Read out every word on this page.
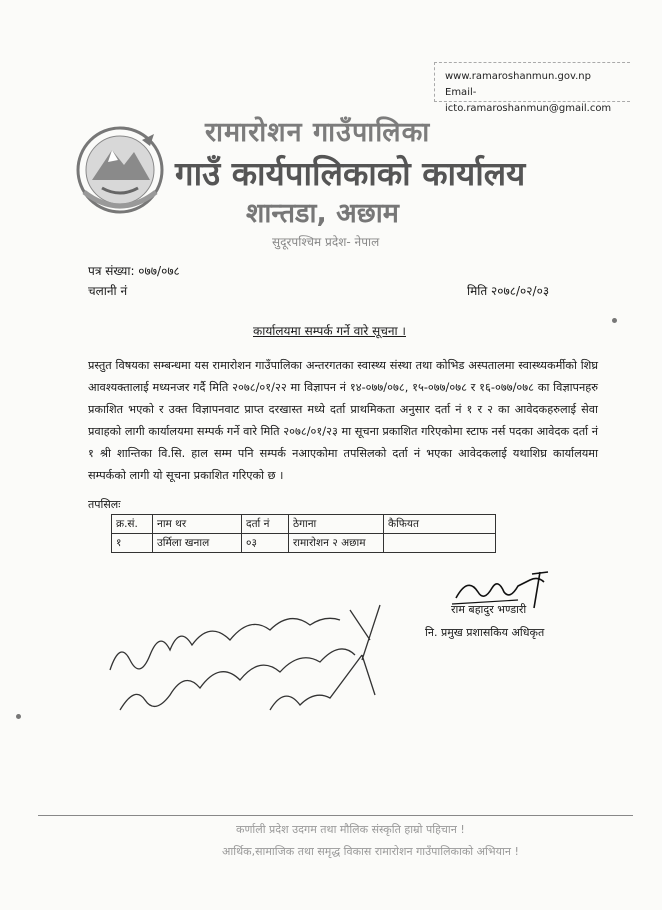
www.ramaroshanmun.gov.np
Email-icto.ramaroshanmun@gmail.com
रामारोशन गाउँपालिका
गाउँ कार्यपालिकाको कार्यालय
शान्तडा, अछाम
सुदूरपश्चिम प्रदेश- नेपाल
पत्र संख्या: ०७७/०७८
चलानी नं	मिति २०७८/०२/०३
कार्यालयमा सम्पर्क गर्ने वारे सूचना ।
प्रस्तुत विषयका सम्बन्धमा यस रामारोशन गाउँपालिका अन्तरगतका स्वास्थ्य संस्था तथा कोभिड अस्पतालमा स्वास्थ्यकर्मीको शिघ्र आवश्यक्तालाई मध्यनजर गर्दै मिति २०७८/०१/२२ मा विज्ञापन नं १४-०७७/०७८, १५-०७७/०७८ र १६-०७७/०७८ का विज्ञापनहरु प्रकाशित भएको र उक्त विज्ञापनवाट प्राप्त दरखास्त मध्ये दर्ता प्राथमिकता अनुसार दर्ता नं १ र २ का आवेदकहरुलाई सेवा प्रवाहको लागी कार्यालयमा सम्पर्क गर्ने वारे मिति २०७८/०१/२३ मा सूचना प्रकाशित गरिएकोमा स्टाफ नर्स पदका आवेदक दर्ता नं १ श्री शान्तिका वि.सि. हाल सम्म पनि सम्पर्क नआएकोमा तपसिलको दर्ता नं भएका आवेदकलाई यथाशिघ्र कार्यालयमा सम्पर्कको लागी यो सूचना प्रकाशित गरिएको छ ।
तपसिलः
क्र.सं.	नाम थर	दर्ता नं	ठेगाना	कैफियत
१	उर्मिला खनाल	०३	रामारोशन २ अछाम	
राम बहादुर भण्डारी
नि. प्रमुख प्रशासकिय अधिकृत
कर्णाली प्रदेश उदगम तथा मौलिक संस्कृति हाम्रो पहिचान !
आर्थिक,सामाजिक तथा समृद्ध विकास रामारोशन गाउँपालिकाको अभियान !
